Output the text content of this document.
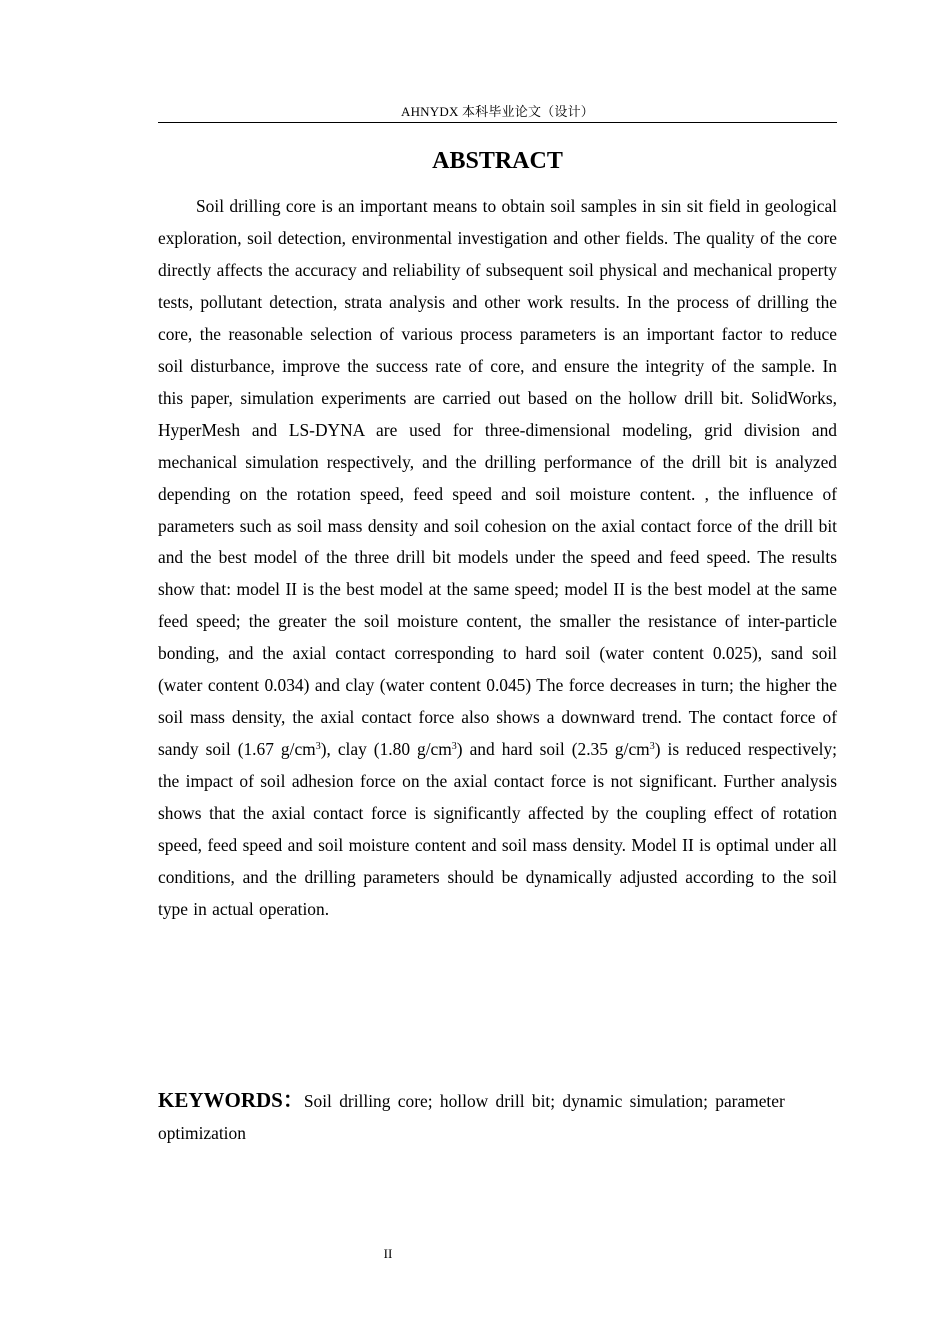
AHNYDX 本科毕业论文（设计）
ABSTRACT

Soil drilling core is an important means to obtain soil samples in sin sit field in geological exploration, soil detection, environmental investigation and other fields. The quality of the core directly affects the accuracy and reliability of subsequent soil physical and mechanical property tests, pollutant detection, strata analysis and other work results. In the process of drilling the core, the reasonable selection of various process parameters is an important factor to reduce soil disturbance, improve the success rate of core, and ensure the integrity of the sample. In this paper, simulation experiments are carried out based on the hollow drill bit. SolidWorks, HyperMesh and LS-DYNA are used for three-dimensional modeling, grid division and mechanical simulation respectively, and the drilling performance of the drill bit is analyzed depending on the rotation speed, feed speed and soil moisture content. , the influence of parameters such as soil mass density and soil cohesion on the axial contact force of the drill bit and the best model of the three drill bit models under the speed and feed speed. The results show that: model II is the best model at the same speed; model II is the best model at the same feed speed; the greater the soil moisture content, the smaller the resistance of inter-particle bonding, and the axial contact corresponding to hard soil (water content 0.025), sand soil (water content 0.034) and clay (water content 0.045) The force decreases in turn; the higher the soil mass density, the axial contact force also shows a downward trend. The contact force of sandy soil (1.67 $g/cm^3$), clay (1.80 $g/cm^3$) and hard soil (2.35 $g/cm^3$) is reduced respectively; the impact of soil adhesion force on the axial contact force is not significant. Further analysis shows that the axial contact force is significantly affected by the coupling effect of rotation speed, feed speed and soil moisture content and soil mass density. Model II is optimal under all conditions, and the drilling parameters should be dynamically adjusted according to the soil type in actual operation.

KEYWORDS：Soil drilling core; hollow drill bit; dynamic simulation; parameter optimization

II
